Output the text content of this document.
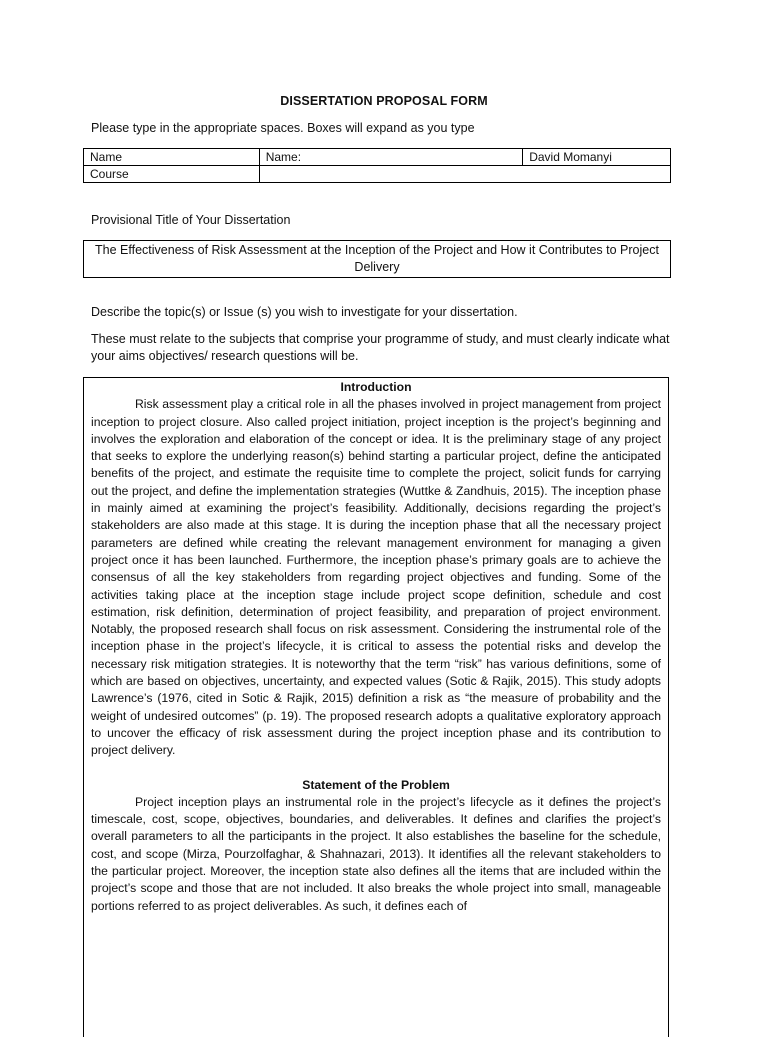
DISSERTATION PROPOSAL FORM
Please type in the appropriate spaces. Boxes will expand as you type
Name	Name:	David Momanyi
Course		
Provisional Title of Your Dissertation
The Effectiveness of Risk Assessment at the Inception of the Project and How it Contributes to Project Delivery
Describe the topic(s) or Issue (s) you wish to investigate for your dissertation.
These must relate to the subjects that comprise your programme of study, and must clearly indicate what your aims objectives/ research questions will be.

Introduction

Risk assessment play a critical role in all the phases involved in project management from project inception to project closure. Also called project initiation, project inception is the project’s beginning and involves the exploration and elaboration of the concept or idea. It is the preliminary stage of any project that seeks to explore the underlying reason(s) behind starting a particular project, define the anticipated benefits of the project, and estimate the requisite time to complete the project, solicit funds for carrying out the project, and define the implementation strategies (Wuttke & Zandhuis, 2015). The inception phase in mainly aimed at examining the project’s feasibility. Additionally, decisions regarding the project’s stakeholders are also made at this stage. It is during the inception phase that all the necessary project parameters are defined while creating the relevant management environment for managing a given project once it has been launched. Furthermore, the inception phase’s primary goals are to achieve the consensus of all the key stakeholders from regarding project objectives and funding. Some of the activities taking place at the inception stage include project scope definition, schedule and cost estimation, risk definition, determination of project feasibility, and preparation of project environment. Notably, the proposed research shall focus on risk assessment. Considering the instrumental role of the inception phase in the project’s lifecycle, it is critical to assess the potential risks and develop the necessary risk mitigation strategies. It is noteworthy that the term “risk” has various definitions, some of which are based on objectives, uncertainty, and expected values (Sotic & Rajik, 2015). This study adopts Lawrence’s (1976, cited in Sotic & Rajik, 2015) definition a risk as “the measure of probability and the weight of undesired outcomes” (p. 19). The proposed research adopts a qualitative exploratory approach to uncover the efficacy of risk assessment during the project inception phase and its contribution to project delivery.

Statement of the Problem

Project inception plays an instrumental role in the project’s lifecycle as it defines the project’s timescale, cost, scope, objectives, boundaries, and deliverables. It defines and clarifies the project’s overall parameters to all the participants in the project. It also establishes the baseline for the schedule, cost, and scope (Mirza, Pourzolfaghar, & Shahnazari, 2013). It identifies all the relevant stakeholders to the particular project. Moreover, the inception state also defines all the items that are included within the project’s scope and those that are not included. It also breaks the whole project into small, manageable portions referred to as project deliverables. As such, it defines each of
